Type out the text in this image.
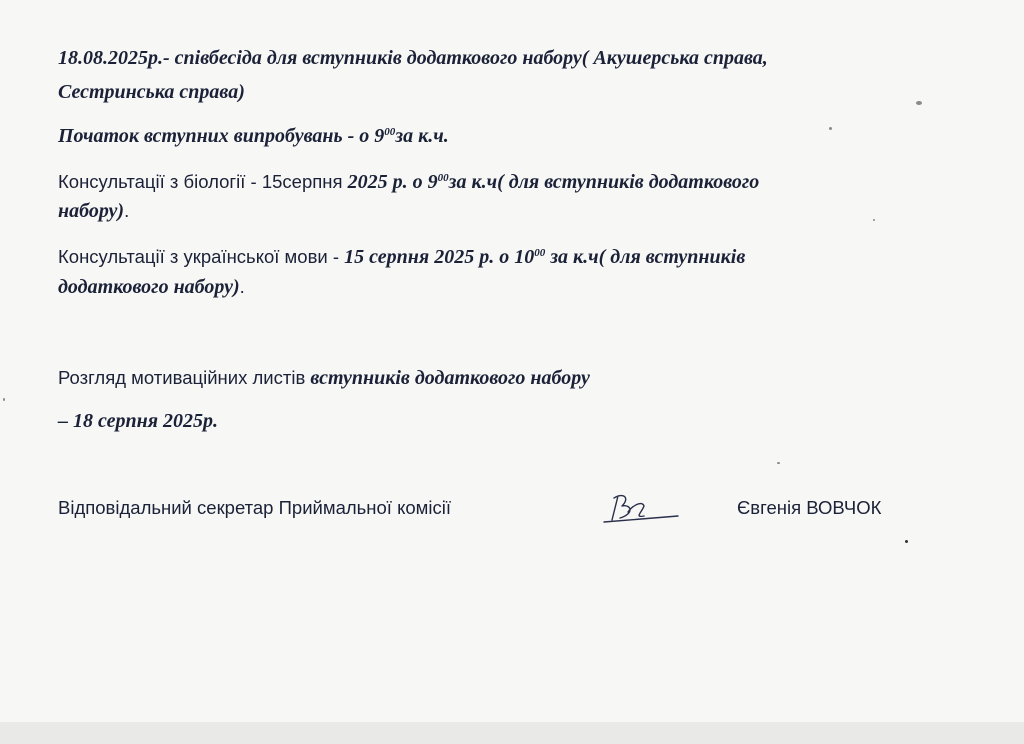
18.08.2025р.- співбесіда для вступників додаткового набору( Акушерська справа,

Сестринська справа)

Початок вступних випробувань - о $9^{00}за$ к.ч.

Консультації з біології - 15серпня 2025 р. о $9^{00}за$ к.ч( для вступників додаткового

набору).

Консультації з української мови - 15 серпня 2025 р. о $10^{00}$ за к.ч( для вступників

додаткового набору).

Розгляд мотиваційних листів вступників додаткового набору

– 18 серпня 2025р.

Відповідальний секретар Приймальної комісії	Євгенія ВОВЧОК
